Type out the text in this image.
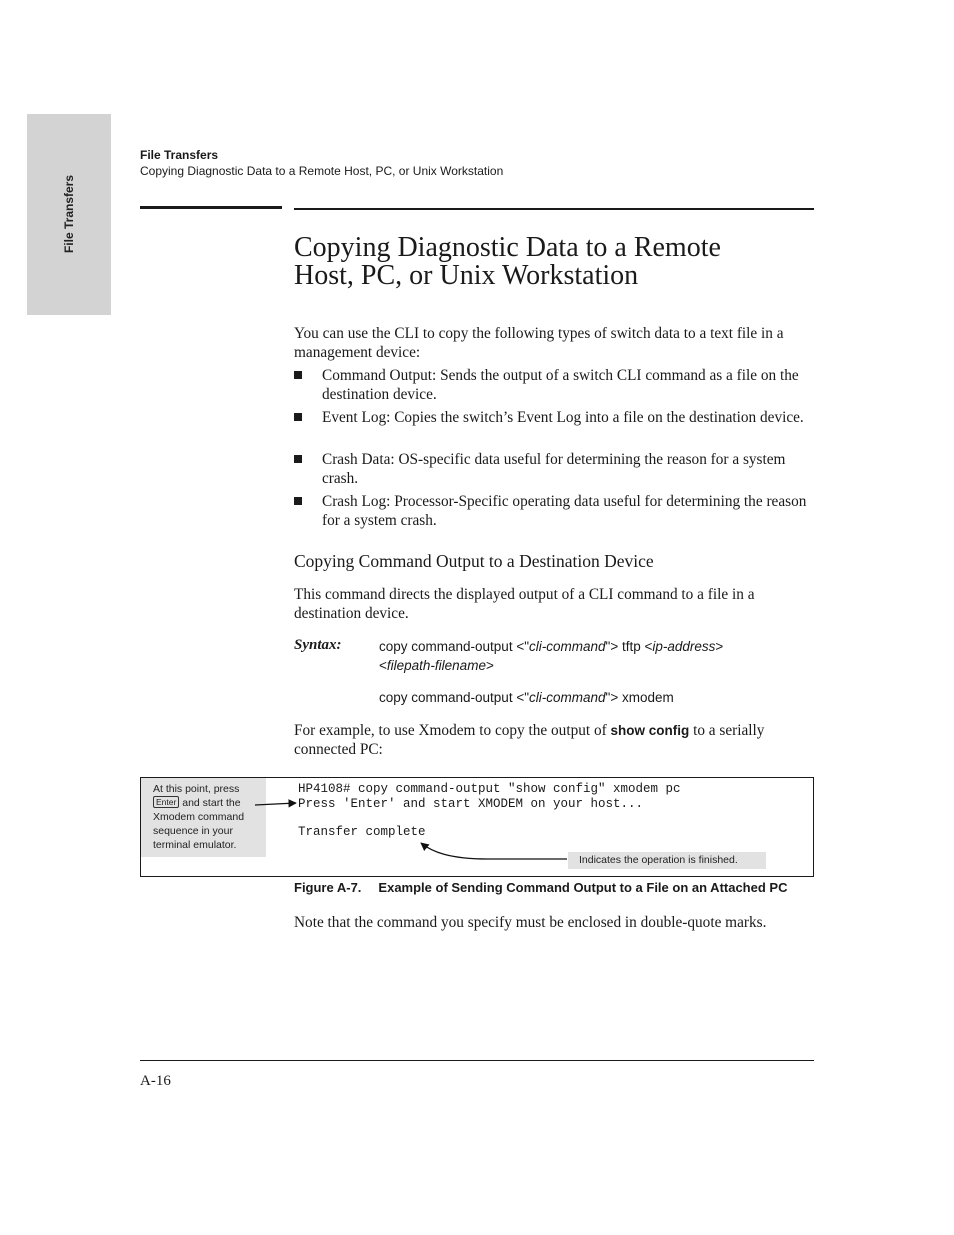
File Transfers
File Transfers
Copying Diagnostic Data to a Remote Host, PC, or Unix Workstation
Copying Diagnostic Data to a Remote
Host, PC, or Unix Workstation
You can use the CLI to copy the following types of switch data to a text file in a management device:
Command Output: Sends the output of a switch CLI command as a file on the destination device.
Event Log: Copies the switch’s Event Log into a file on the destination device.
Crash Data: OS-specific data useful for determining the reason for a system crash.
Crash Log: Processor-Specific operating data useful for determining the reason for a system crash.
Copying Command Output to a Destination Device
This command directs the displayed output of a CLI command to a file in a destination device.
Syntax:	copy command-output <"cli-command"> tftp <ip-address>
<filepath-filename>
copy command-output <"cli-command"> xmodem
For example, to use Xmodem to copy the output of show config to a serially connected PC:
At this point, press Enter and start the Xmodem command sequence in your terminal emulator.
HP4108# copy command-output "show config" xmodem pc
Press 'Enter' and start XMODEM on your host...
Transfer complete
Indicates the operation is finished.
Figure A-7. Example of Sending Command Output to a File on an Attached PC
Note that the command you specify must be enclosed in double-quote marks.
A-16
